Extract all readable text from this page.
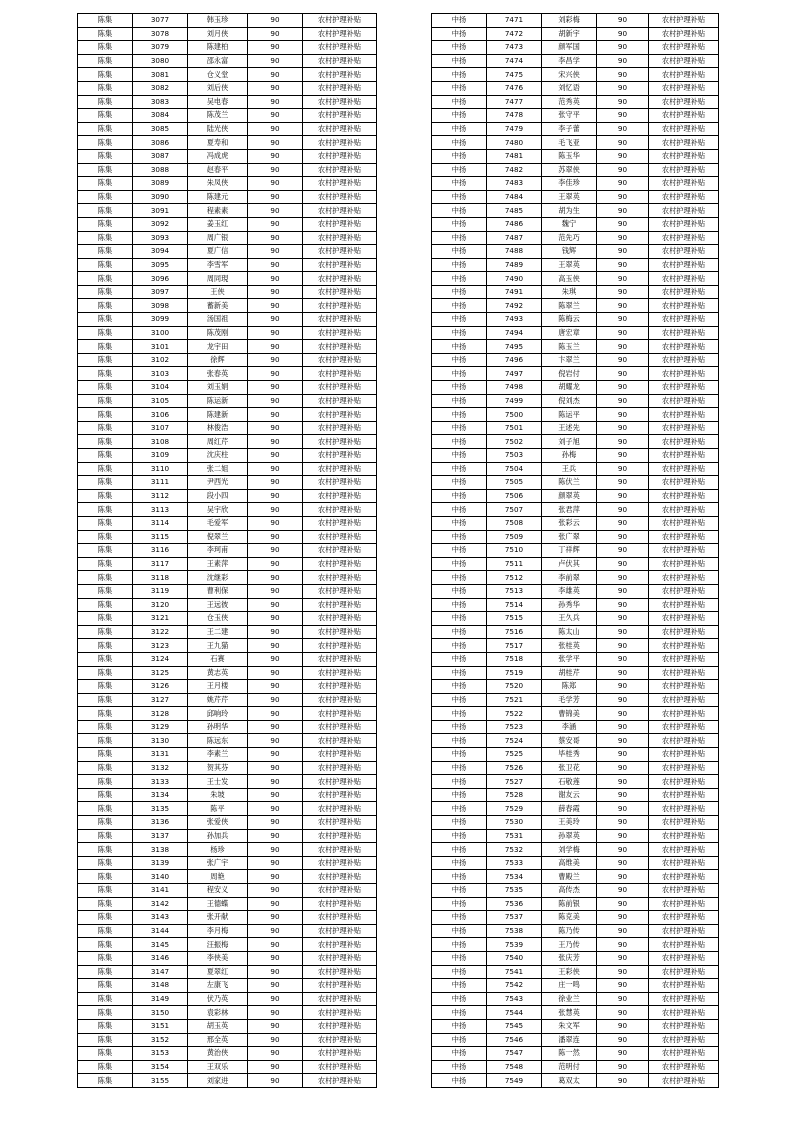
陈集	3077	韩玉珍	90	农村护理补贴
陈集	3078	刘月侠	90	农村护理补贴
陈集	3079	陈建柏	90	农村护理补贴
陈集	3080	邵永富	90	农村护理补贴
陈集	3081	仓义堂	90	农村护理补贴
陈集	3082	刘后侠	90	农村护理补贴
陈集	3083	吴电春	90	农村护理补贴
陈集	3084	陈茂兰	90	农村护理补贴
陈集	3085	陆光侠	90	农村护理补贴
陈集	3086	夏寿和	90	农村护理补贴
陈集	3087	冯成虎	90	农村护理补贴
陈集	3088	赵春平	90	农村护理补贴
陈集	3089	朱凤侠	90	农村护理补贴
陈集	3090	陈建元	90	农村护理补贴
陈集	3091	程素素	90	农村护理补贴
陈集	3092	姜玉红	90	农村护理补贴
陈集	3093	周广银	90	农村护理补贴
陈集	3094	夏广信	90	农村护理补贴
陈集	3095	李雪军	90	农村护理补贴
陈集	3096	周同現	90	农村护理补贴
陈集	3097	王侠	90	农村护理补贴
陈集	3098	蓄新美	90	农村护理补贴
陈集	3099	汤国祖	90	农村护理补贴
陈集	3100	陈茂刚	90	农村护理补贴
陈集	3101	龙宇田	90	农村护理补贴
陈集	3102	徐辉	90	农村护理补贴
陈集	3103	张春英	90	农村护理补贴
陈集	3104	刘玉娟	90	农村护理补贴
陈集	3105	陈运新	90	农村护理补贴
陈集	3106	陈建新	90	农村护理补贴
陈集	3107	林俊浩	90	农村护理补贴
陈集	3108	周红芹	90	农村护理补贴
陈集	3109	沈庆柱	90	农村护理补贴
陈集	3110	张二姐	90	农村护理补贴
陈集	3111	尹西光	90	农村护理补贴
陈集	3112	段小四	90	农村护理补贴
陈集	3113	吴宇欣	90	农村护理补贴
陈集	3114	毛爱军	90	农村护理补贴
陈集	3115	倪翠兰	90	农村护理补贴
陈集	3116	李珂甫	90	农村护理补贴
陈集	3117	王素萍	90	农村护理补贴
陈集	3118	沈继彩	90	农村护理补贴
陈集	3119	曹利保	90	农村护理补贴
陈集	3120	王远彼	90	农村护理补贴
陈集	3121	仓玉侠	90	农村护理补贴
陈集	3122	王二建	90	农村护理补贴
陈集	3123	王九猫	90	农村护理补贴
陈集	3124	石赛	90	农村护理补贴
陈集	3125	黄志英	90	农村护理补贴
陈集	3126	王月楼	90	农村护理补贴
陈集	3127	姚芹芹	90	农村护理补贴
陈集	3128	邱响玲	90	农村护理补贴
陈集	3129	孙明华	90	农村护理补贴
陈集	3130	陈远东	90	农村护理补贴
陈集	3131	李素兰	90	农村护理补贴
陈集	3132	贺其芬	90	农村护理补贴
陈集	3133	王士发	90	农村护理补贴
陈集	3134	朱坡	90	农村护理补贴
陈集	3135	陈平	90	农村护理补贴
陈集	3136	张爱侠	90	农村护理补贴
陈集	3137	孙加兵	90	农村护理补贴
陈集	3138	杨珍	90	农村护理补贴
陈集	3139	张广宇	90	农村护理补贴
陈集	3140	周艳	90	农村护理补贴
陈集	3141	程安义	90	农村护理补贴
陈集	3142	王德蝶	90	农村护理补贴
陈集	3143	张开献	90	农村护理补贴
陈集	3144	李月梅	90	农村护理补贴
陈集	3145	汪振梅	90	农村护理补贴
陈集	3146	李侠美	90	农村护理补贴
陈集	3147	夏翠红	90	农村护理补贴
陈集	3148	左康飞	90	农村护理补贴
陈集	3149	伏乃英	90	农村护理补贴
陈集	3150	袁彩林	90	农村护理补贴
陈集	3151	胡玉英	90	农村护理补贴
陈集	3152	邢全英	90	农村护理补贴
陈集	3153	黄治侠	90	农村护理补贴
陈集	3154	王双乐	90	农村护理补贴
陈集	3155	刘家进	90	农村护理补贴
中扬	7471	刘彩梅	90	农村护理补贴
中扬	7472	胡新宇	90	农村护理补贴
中扬	7473	颜军国	90	农村护理补贴
中扬	7474	李昌学	90	农村护理补贴
中扬	7475	宋兴侠	90	农村护理补贴
中扬	7476	刘忆语	90	农村护理补贴
中扬	7477	范秀英	90	农村护理补贴
中扬	7478	张守平	90	农村护理补贴
中扬	7479	李子蕾	90	农村护理补贴
中扬	7480	毛飞亚	90	农村护理补贴
中扬	7481	陈玉华	90	农村护理补贴
中扬	7482	苏翠侠	90	农村护理补贴
中扬	7483	李佳珍	90	农村护理补贴
中扬	7484	王翠英	90	农村护理补贴
中扬	7485	胡为生	90	农村护理补贴
中扬	7486	魏宁	90	农村护理补贴
中扬	7487	范先巧	90	农村护理补贴
中扬	7488	钱辉	90	农村护理补贴
中扬	7489	王翠英	90	农村护理补贴
中扬	7490	高玉侠	90	农村护理补贴
中扬	7491	朱琪	90	农村护理补贴
中扬	7492	陈翠兰	90	农村护理补贴
中扬	7493	陈梅云	90	农村护理补贴
中扬	7494	唐宏章	90	农村护理补贴
中扬	7495	陈玉兰	90	农村护理补贴
中扬	7496	卞翠兰	90	农村护理补贴
中扬	7497	倪岩付	90	农村护理补贴
中扬	7498	胡耀龙	90	农村护理补贴
中扬	7499	倪刘杰	90	农村护理补贴
中扬	7500	陈运平	90	农村护理补贴
中扬	7501	王述先	90	农村护理补贴
中扬	7502	刘子旭	90	农村护理补贴
中扬	7503	孙梅	90	农村护理补贴
中扬	7504	王兵	90	农村护理补贴
中扬	7505	陈伏兰	90	农村护理补贴
中扬	7506	颜翠英	90	农村护理补贴
中扬	7507	张君萍	90	农村护理补贴
中扬	7508	张彩云	90	农村护理补贴
中扬	7509	张广翠	90	农村护理补贴
中扬	7510	丁祥辉	90	农村护理补贴
中扬	7511	卢伏其	90	农村护理补贴
中扬	7512	李前翠	90	农村护理补贴
中扬	7513	李雄英	90	农村护理补贴
中扬	7514	孙秀华	90	农村护理补贴
中扬	7515	王久兵	90	农村护理补贴
中扬	7516	陈太山	90	农村护理补贴
中扬	7517	张桂英	90	农村护理补贴
中扬	7518	张学平	90	农村护理补贴
中扬	7519	胡桂芹	90	农村护理补贴
中扬	7520	陈郑	90	农村护理补贴
中扬	7521	毛学芳	90	农村护理补贴
中扬	7522	曹锦美	90	农村护理补贴
中扬	7523	李涵	90	农村护理补贴
中扬	7524	蔡安哥	90	农村护理补贴
中扬	7525	毕桂秀	90	农村护理补贴
中扬	7526	张卫花	90	农村护理补贴
中扬	7527	石敬莲	90	农村护理补贴
中扬	7528	谢友云	90	农村护理补贴
中扬	7529	薛春霞	90	农村护理补贴
中扬	7530	王美玲	90	农村护理补贴
中扬	7531	孙翠英	90	农村护理补贴
中扬	7532	刘学梅	90	农村护理补贴
中扬	7533	高维美	90	农村护理补贴
中扬	7534	曹殿兰	90	农村护理补贴
中扬	7535	高传杰	90	农村护理补贴
中扬	7536	陈前银	90	农村护理补贴
中扬	7537	陈克美	90	农村护理补贴
中扬	7538	陈乃传	90	农村护理补贴
中扬	7539	王乃传	90	农村护理补贴
中扬	7540	张庆芳	90	农村护理补贴
中扬	7541	王彩侠	90	农村护理补贴
中扬	7542	庄一鸣	90	农村护理补贴
中扬	7543	徐业兰	90	农村护理补贴
中扬	7544	张慧英	90	农村护理补贴
中扬	7545	朱文军	90	农村护理补贴
中扬	7546	潘翠连	90	农村护理补贴
中扬	7547	陈一然	90	农村护理补贴
中扬	7548	范明付	90	农村护理补贴
中扬	7549	葛双太	90	农村护理补贴
